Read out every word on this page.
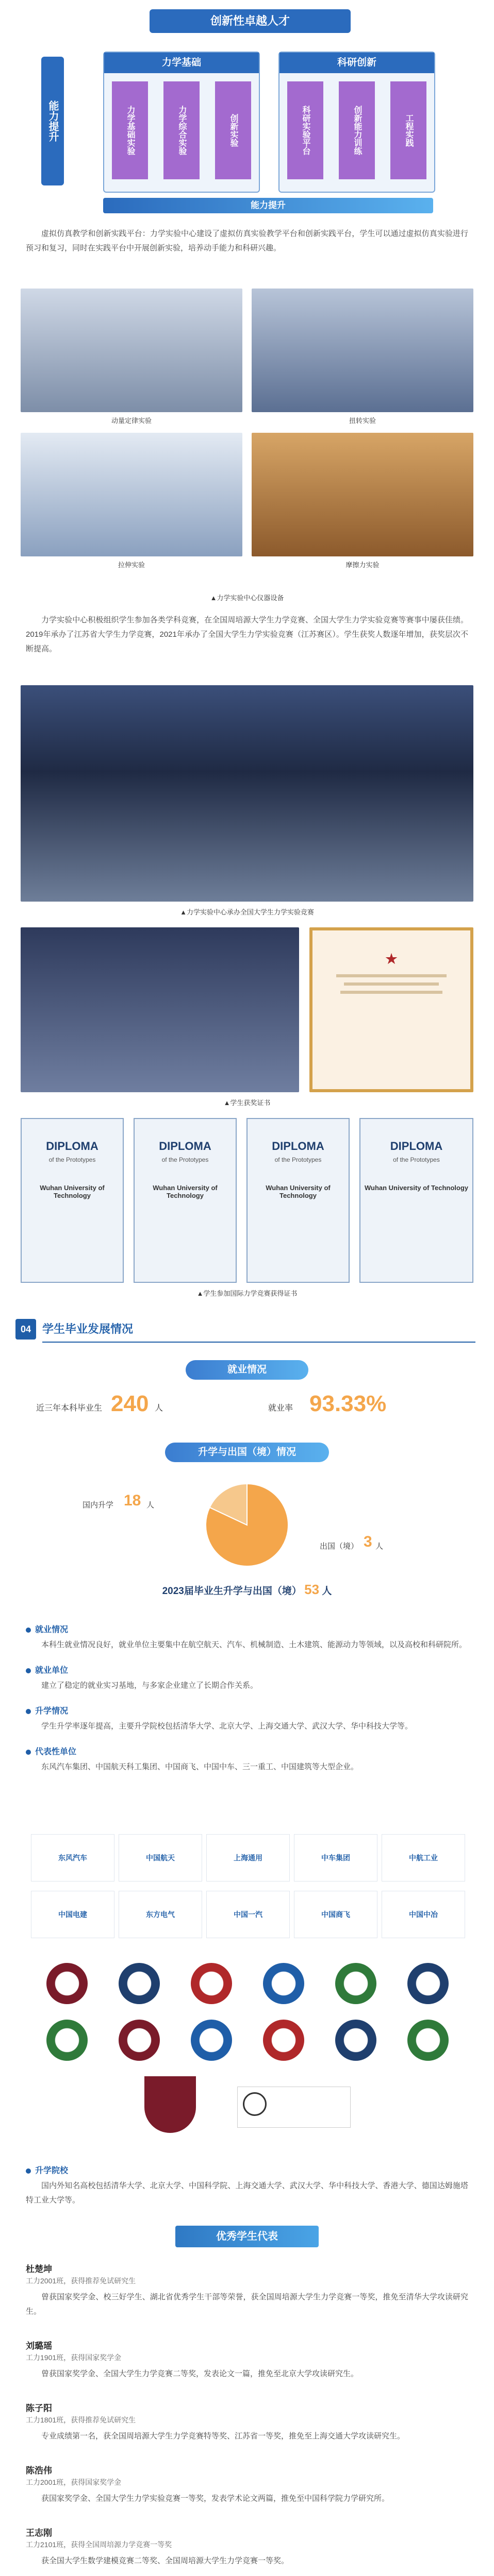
创新性卓越人才
能力提升
力学基础
力学基础实验	力学综合实验	创新实验
科研创新
科研实验平台	创新能力训练	工程实践
能力提升

虚拟仿真教学和创新实践平台：力学实验中心建设了虚拟仿真实验教学平台和创新实践平台，学生可以通过虚拟仿真实验进行预习和复习，同时在实践平台中开展创新实验，培养动手能力和科研兴趣。

动量定律实验	扭转实验
拉伸实验	摩擦力实验
▲力学实验中心仪器设备

力学实验中心积极组织学生参加各类学科竞赛，在全国周培源大学生力学竞赛、全国大学生力学实验竞赛等赛事中屡获佳绩。2019年承办了江苏省大学生力学竞赛，2021年承办了全国大学生力学实验竞赛（江苏赛区）。学生获奖人数逐年增加，获奖层次不断提高。

▲力学实验中心承办全国大学生力学实验竞赛
★
▲学生获奖证书
DIPLOMA
of the Prototypes
Wuhan University of Technology
DIPLOMA
of the Prototypes
Wuhan University of Technology
DIPLOMA
of the Prototypes
Wuhan University of Technology
DIPLOMA
of the Prototypes
Wuhan University of Technology
▲学生参加国际力学竞赛获得证书
04 学生毕业发展情况
就业情况
近三年本科毕业生 240 人	就业率 93.33%
升学与出国（境）情况
国内升学 18 人
出国（境） 3 人
2023届毕业生升学与出国（境） 53 人

就业情况

本科生就业情况良好，就业单位主要集中在航空航天、汽车、机械制造、土木建筑、能源动力等领域，以及高校和科研院所。

就业单位

建立了稳定的就业实习基地，与多家企业建立了长期合作关系。

升学情况

学生升学率逐年提高，主要升学院校包括清华大学、北京大学、上海交通大学、武汉大学、华中科技大学等。

代表性单位

东风汽车集团、中国航天科工集团、中国商飞、中国中车、三一重工、中国建筑等大型企业。

东风汽车	中国航天	上海通用	中车集团	中航工业
中国电建	东方电气	中国一汽	中国商飞	中国中冶

升学院校

国内外知名高校包括清华大学、北京大学、中国科学院、上海交通大学、武汉大学、华中科技大学、香港大学、德国达姆施塔特工业大学等。

优秀学生代表

杜楚坤

工力2001班，获得推荐免试研究生

曾获国家奖学金、校三好学生、湖北省优秀学生干部等荣誉，获全国周培源大学生力学竞赛一等奖，推免至清华大学攻读研究生。

刘璐瑶

工力1901班，获得国家奖学金

曾获国家奖学金、全国大学生力学竞赛二等奖，发表论文一篇，推免至北京大学攻读研究生。

陈子阳

工力1801班，获得推荐免试研究生

专业成绩第一名，获全国周培源大学生力学竞赛特等奖、江苏省一等奖，推免至上海交通大学攻读研究生。

陈浩伟

工力2001班，获得国家奖学金

获国家奖学金、全国大学生力学实验竞赛一等奖，发表学术论文两篇，推免至中国科学院力学研究所。

王志刚

工力2101班，获得全国周培源力学竞赛一等奖

获全国大学生数学建模竞赛二等奖、全国周培源大学生力学竞赛一等奖。
